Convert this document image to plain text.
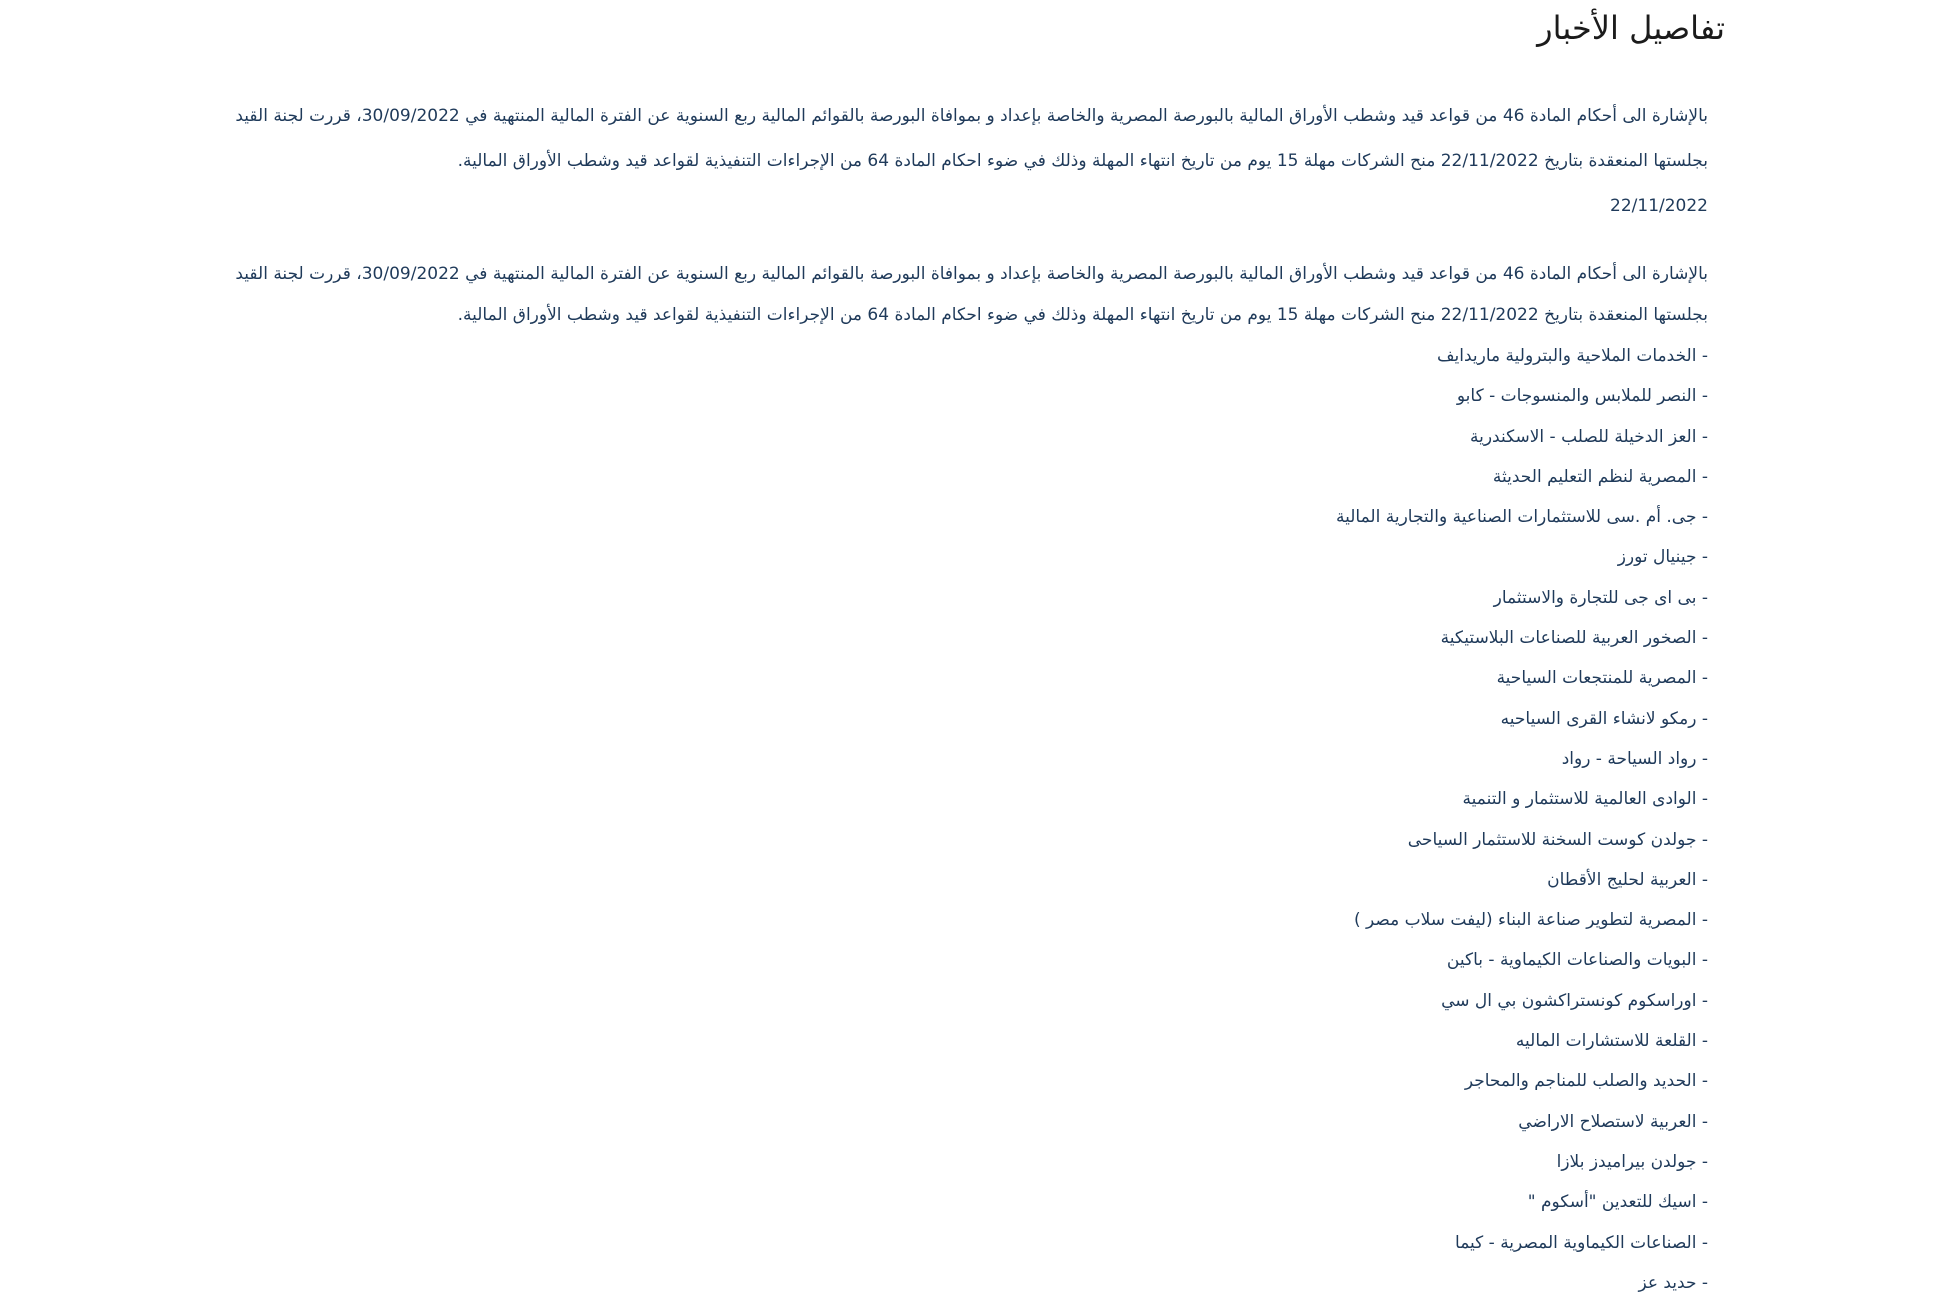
تفاصيل الأخبار

بالإشارة الى أحكام المادة 46 من قواعد قيد وشطب الأوراق المالية بالبورصة المصرية والخاصة بإعداد و بموافاة البورصة بالقوائم المالية ربع السنوية عن الفترة المالية المنتهية في 30/09/2022، قررت لجنة القيد بجلستها المنعقدة بتاريخ 22/11/2022 منح الشركات مهلة 15 يوم من تاريخ انتهاء المهلة وذلك في ضوء احكام المادة 64 من الإجراءات التنفيذية لقواعد قيد وشطب الأوراق المالية.

22/11/2022

بالإشارة الى أحكام المادة 46 من قواعد قيد وشطب الأوراق المالية بالبورصة المصرية والخاصة بإعداد و بموافاة البورصة بالقوائم المالية ربع السنوية عن الفترة المالية المنتهية في 30/09/2022، قررت لجنة القيد بجلستها المنعقدة بتاريخ 22/11/2022 منح الشركات مهلة 15 يوم من تاريخ انتهاء المهلة وذلك في ضوء احكام المادة 64 من الإجراءات التنفيذية لقواعد قيد وشطب الأوراق المالية.

- الخدمات الملاحية والبترولية ماريدايف
- النصر للملابس والمنسوجات - كابو
- العز الدخيلة للصلب - الاسكندرية
- المصرية لنظم التعليم الحديثة
- جى. أم .سى للاستثمارات الصناعية والتجارية المالية
- جينيال تورز
- بى اى جى للتجارة والاستثمار
- الصخور العربية للصناعات البلاستيكية
- المصرية للمنتجعات السياحية
- رمكو لانشاء القرى السياحيه
- رواد السياحة - رواد
- الوادى العالمية للاستثمار و التنمية
- جولدن كوست السخنة للاستثمار السياحى
- العربية لحليج الأقطان
- المصرية لتطوير صناعة البناء (ليفت سلاب مصر )
- البويات والصناعات الكيماوية - باكين
- اوراسكوم كونستراكشون بي ال سي
- القلعة للاستشارات الماليه
- الحديد والصلب للمناجم والمحاجر
- العربية لاستصلاح الاراضي
- جولدن بيراميدز بلازا
- اسيك للتعدين "أسكوم "
- الصناعات الكيماوية المصرية - كيما
- حديد عز
